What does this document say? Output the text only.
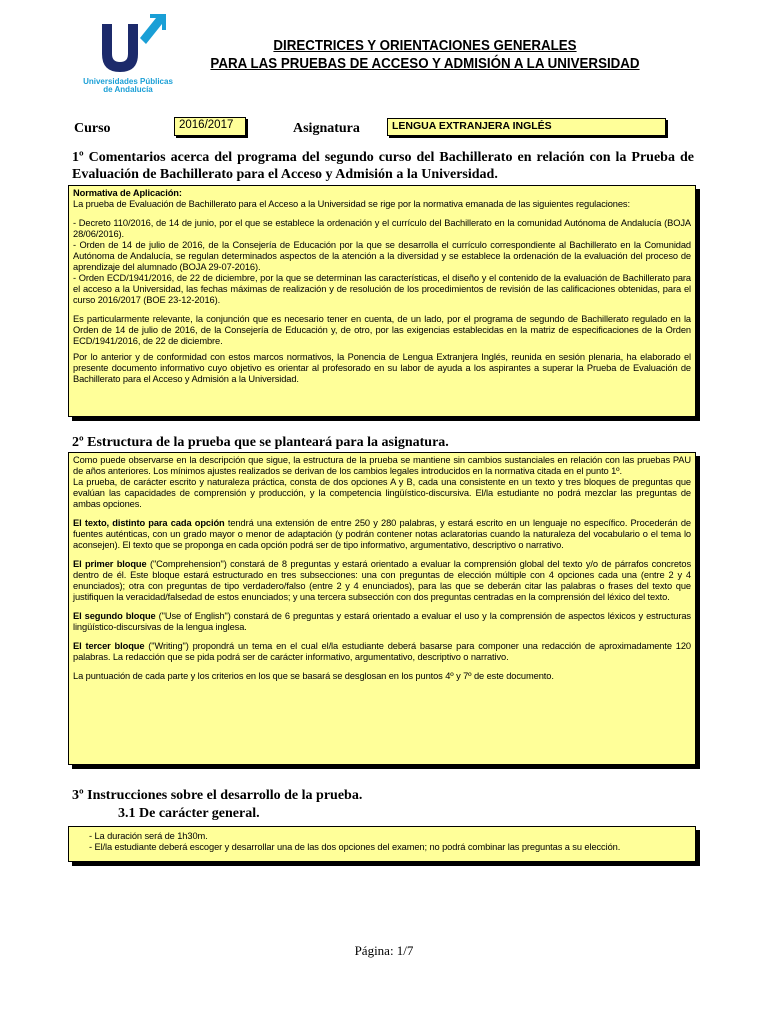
Universidades Públicas
de Andalucía
DIRECTRICES Y ORIENTACIONES GENERALES
PARA LAS PRUEBAS DE ACCESO Y ADMISIÓN A LA UNIVERSIDAD
Curso	2016/2017	Asignatura	LENGUA EXTRANJERA INGLÉS
1º Comentarios acerca del programa del segundo curso del Bachillerato en relación con la Prueba de Evaluación de Bachillerato para el Acceso y Admisión a la Universidad.

Normativa de Aplicación:

La prueba de Evaluación de Bachillerato para el Acceso a la Universidad se rige por la normativa emanada de las siguientes regulaciones:

- Decreto 110/2016, de 14 de junio, por el que se establece la ordenación y el currículo del Bachillerato en la comunidad Autónoma de Andalucía (BOJA 28/06/2016).

- Orden de 14 de julio de 2016, de la Consejería de Educación por la que se desarrolla el currículo correspondiente al Bachillerato en la Comunidad Autónoma de Andalucía, se regulan determinados aspectos de la atención a la diversidad y se establece la ordenación de la evaluación del proceso de aprendizaje del alumnado (BOJA 29-07-2016).

- Orden ECD/1941/2016, de 22 de diciembre, por la que se determinan las características, el diseño y el contenido de la evaluación de Bachillerato para el acceso a la Universidad, las fechas máximas de realización y de resolución de los procedimientos de revisión de las calificaciones obtenidas, para el curso 2016/2017 (BOE 23-12-2016).

Es particularmente relevante, la conjunción que es necesario tener en cuenta, de un lado, por el programa de segundo de Bachillerato regulado en la Orden de 14 de julio de 2016, de la Consejería de Educación y, de otro, por las exigencias establecidas en la matriz de especificaciones de la Orden ECD/1941/2016, de 22 de diciembre.

Por lo anterior y de conformidad con estos marcos normativos, la Ponencia de Lengua Extranjera Inglés, reunida en sesión plenaria, ha elaborado el presente documento informativo cuyo objetivo es orientar al profesorado en su labor de ayuda a los aspirantes a superar la Prueba de Evaluación de Bachillerato para el Acceso y Admisión a la Universidad.

2º Estructura de la prueba que se planteará para la asignatura.

Como puede observarse en la descripción que sigue, la estructura de la prueba se mantiene sin cambios sustanciales en relación con las pruebas PAU de años anteriores. Los mínimos ajustes realizados se derivan de los cambios legales introducidos en la normativa citada en el punto 1º.

La prueba, de carácter escrito y naturaleza práctica, consta de dos opciones A y B, cada una consistente en un texto y tres bloques de preguntas que evalúan las capacidades de comprensión y producción, y la competencia lingüístico-discursiva. El/la estudiante no podrá mezclar las preguntas de ambas opciones.

El texto, distinto para cada opción tendrá una extensión de entre 250 y 280 palabras, y estará escrito en un lenguaje no específico. Procederán de fuentes auténticas, con un grado mayor o menor de adaptación (y podrán contener notas aclaratorias cuando la naturaleza del vocabulario o el tema lo aconsejen). El texto que se proponga en cada opción podrá ser de tipo informativo, argumentativo, descriptivo o narrativo.

El primer bloque ("Comprehension") constará de 8 preguntas y estará orientado a evaluar la comprensión global del texto y/o de párrafos concretos dentro de él. Este bloque estará estructurado en tres subsecciones: una con preguntas de elección múltiple con 4 opciones cada una (entre 2 y 4 enunciados); otra con preguntas de tipo verdadero/falso (entre 2 y 4 enunciados), para las que se deberán citar las palabras o frases del texto que justifiquen la veracidad/falsedad de estos enunciados; y una tercera subsección con dos preguntas centradas en la comprensión del léxico del texto.

El segundo bloque ("Use of English") constará de 6 preguntas y estará orientado a evaluar el uso y la comprensión de aspectos léxicos y estructuras lingüístico-discursivas de la lengua inglesa.

El tercer bloque ("Writing") propondrá un tema en el cual el/la estudiante deberá basarse para componer una redacción de aproximadamente 120 palabras. La redacción que se pida podrá ser de carácter informativo, argumentativo, descriptivo o narrativo.

La puntuación de cada parte y los criterios en los que se basará se desglosan en los puntos 4º y 7º de este documento.

3º Instrucciones sobre el desarrollo de la prueba.
3.1 De carácter general.

- La duración será de 1h30m.

- El/la estudiante deberá escoger y desarrollar una de las dos opciones del examen; no podrá combinar las preguntas a su elección.

Página: 1/7
